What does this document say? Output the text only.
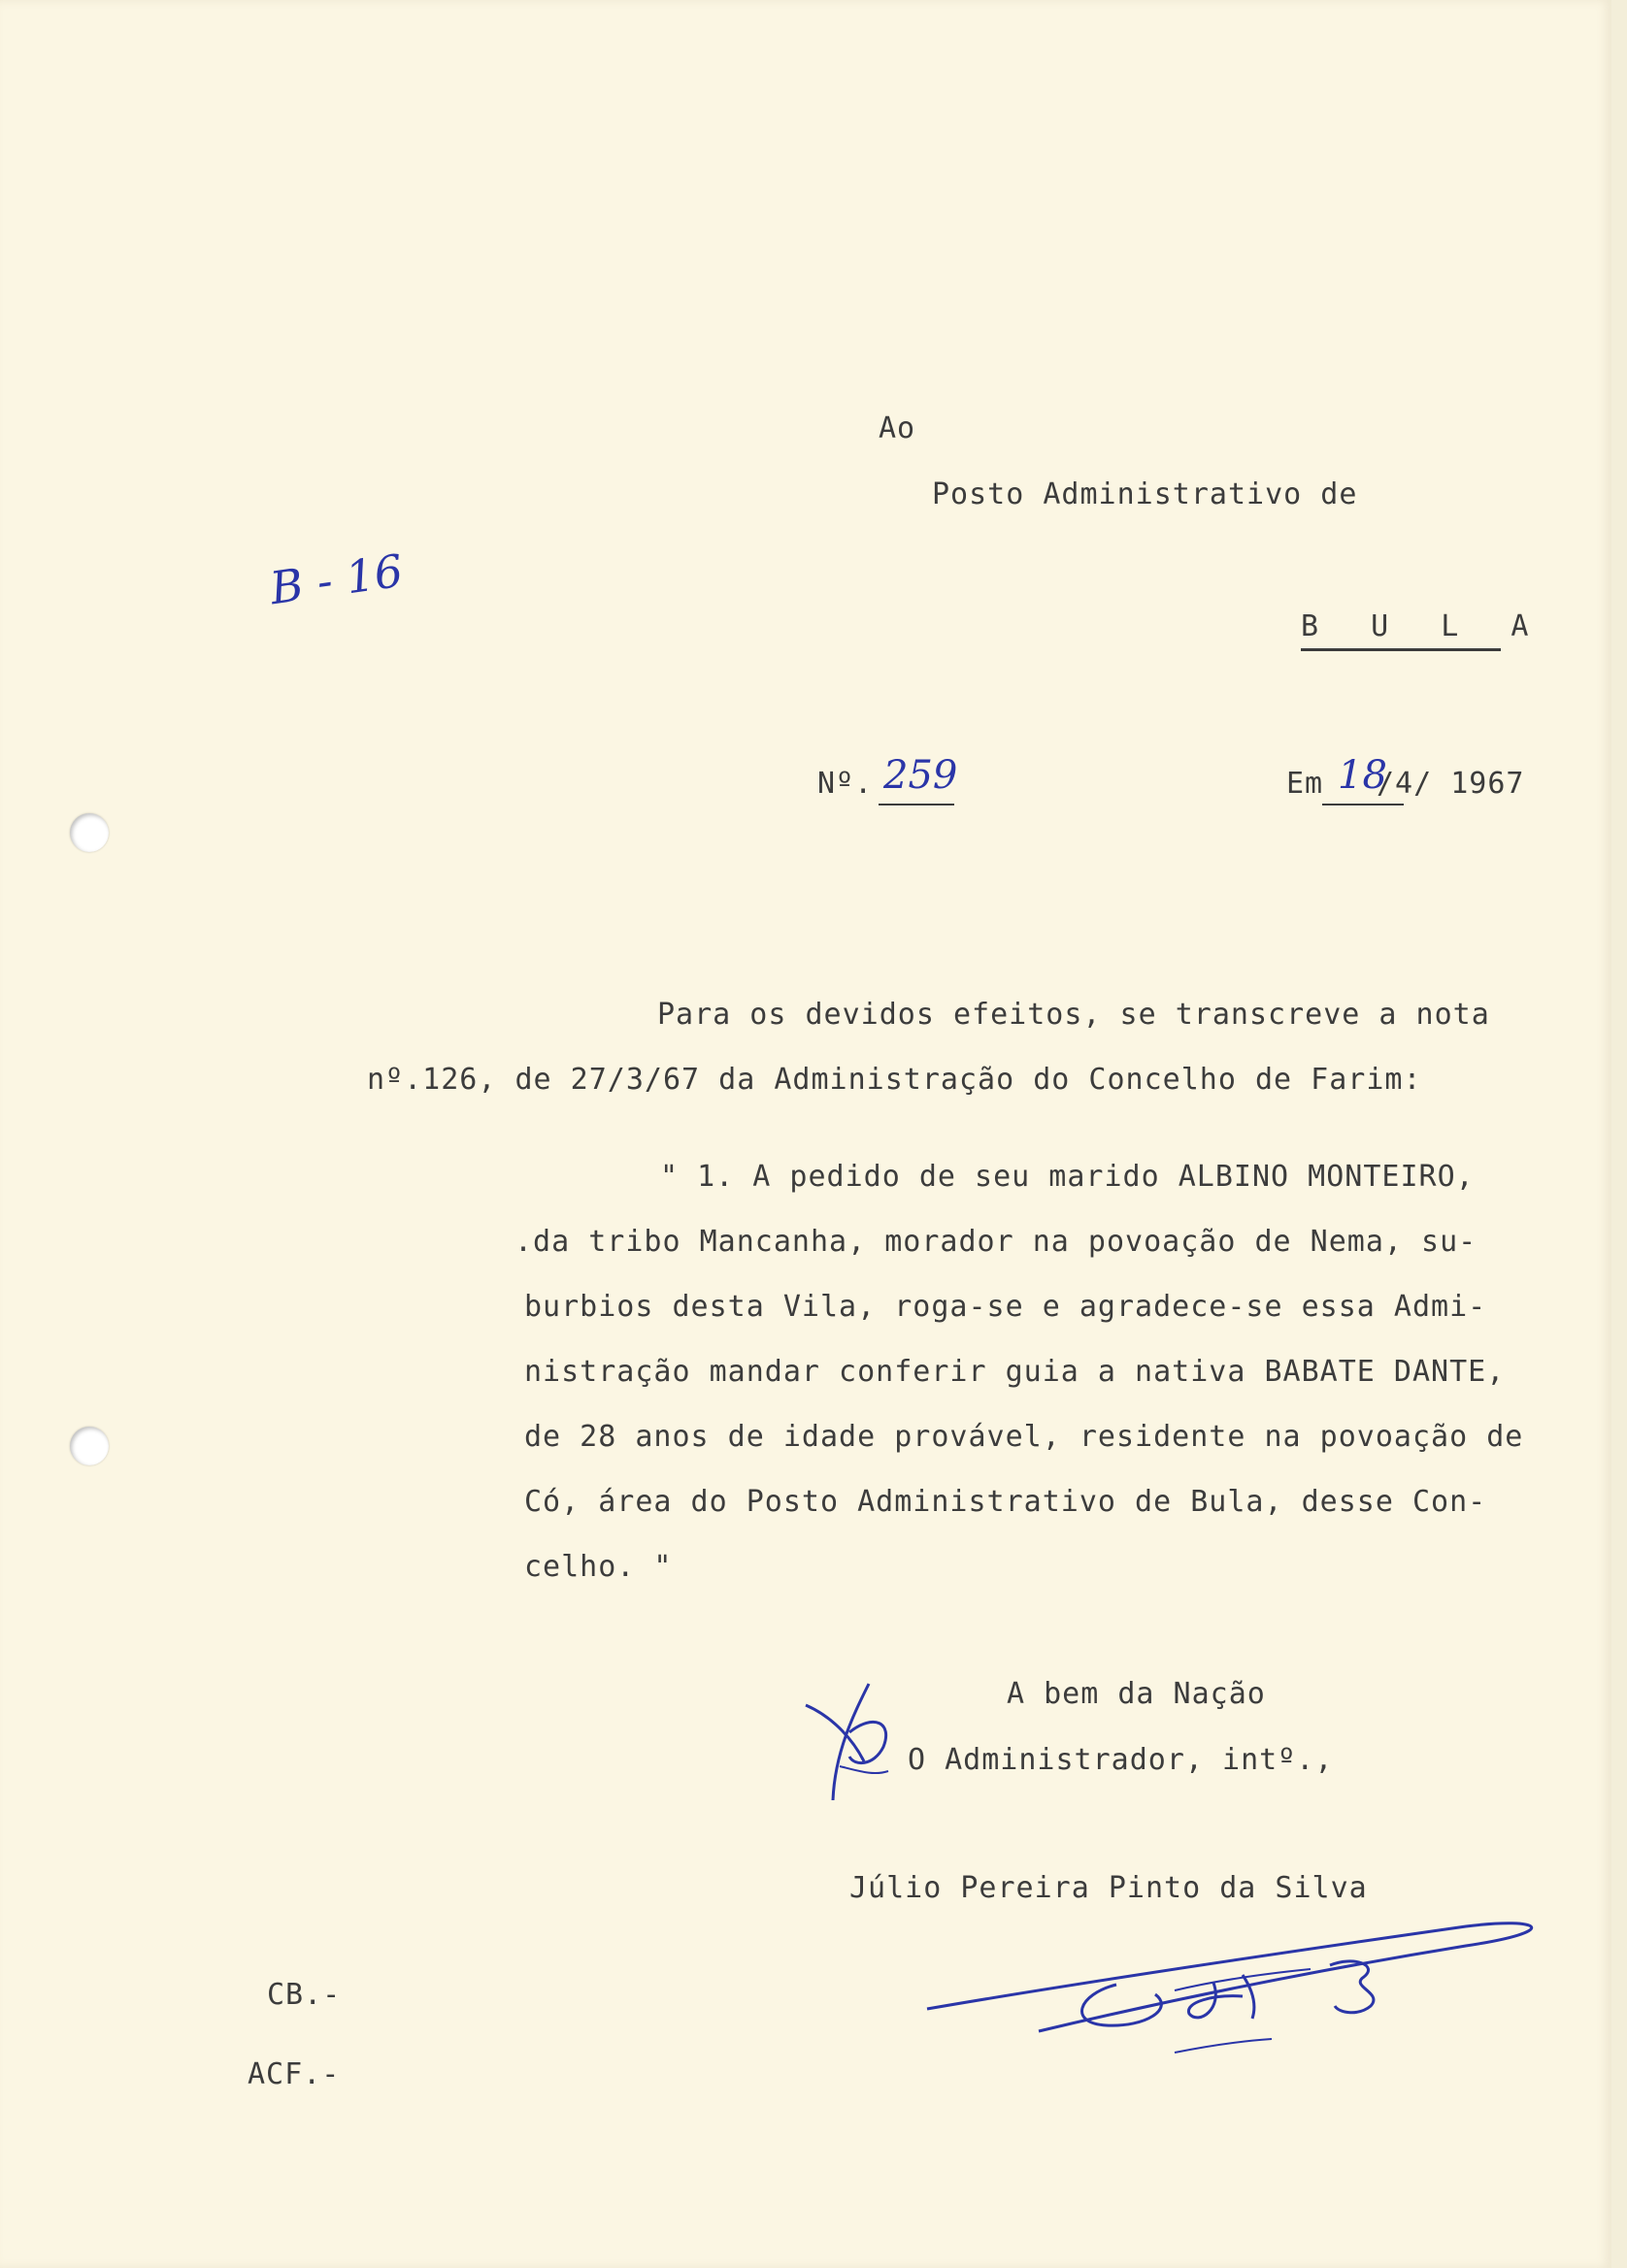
Ao
Posto Administrativo de
B U L A
B - 16
Nº. 259	Em 18
/4/ 1967
Para os devidos efeitos, se transcreve a nota
nº.126, de 27/3/67 da Administração do Concelho de Farim:
" 1. A pedido de seu marido ALBINO MONTEIRO,
.da tribo Mancanha, morador na povoação de Nema, su-
burbios desta Vila, roga-se e agradece-se essa Admi-
nistração mandar conferir guia a nativa BABATE DANTE,
de 28 anos de idade provável, residente na povoação de
Có, área do Posto Administrativo de Bula, desse Con-
celho. "
A bem da Nação
O Administrador, intº.,
Júlio Pereira Pinto da Silva
CB.-
ACF.-
